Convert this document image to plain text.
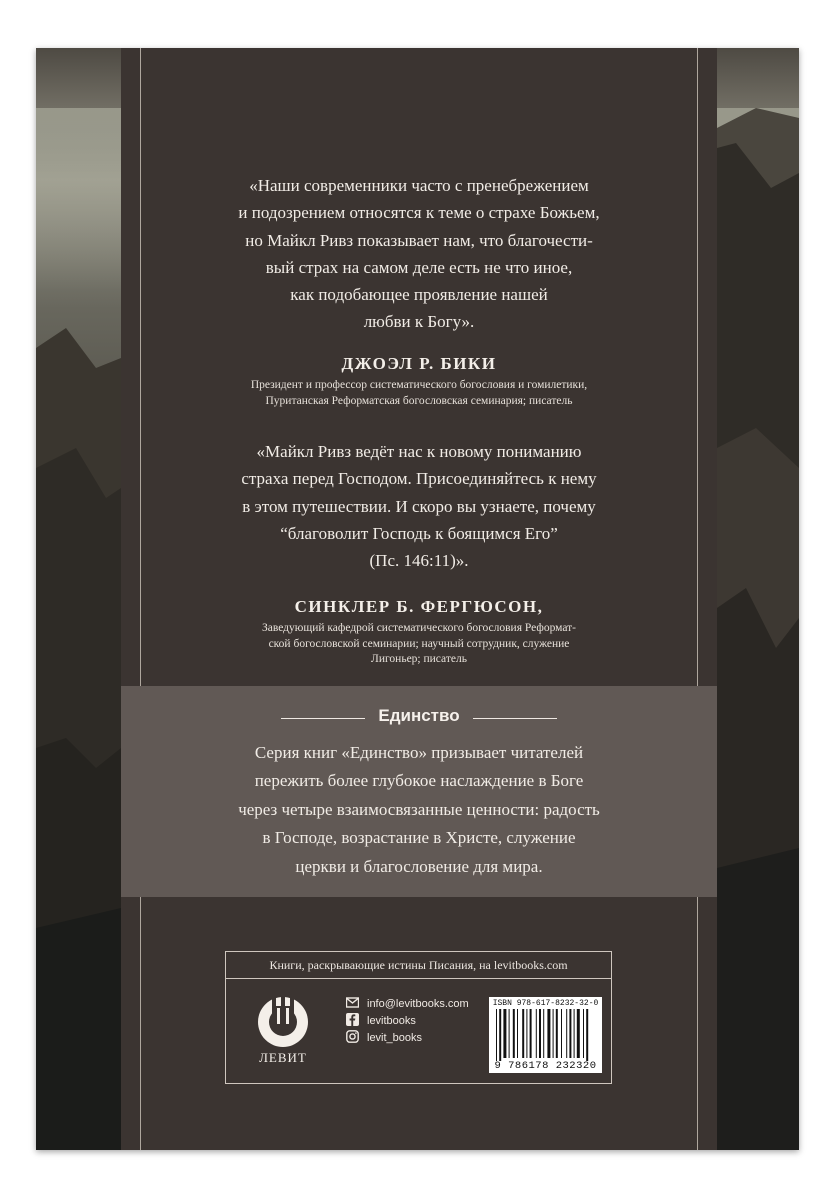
«Наши современники часто с пренебрежением
и подозрением относятся к теме о страхе Божьем,
но Майкл Ривз показывает нам, что благочести-
вый страх на самом деле есть не что иное,
как подобающее проявление нашей
любви к Богу».
ДЖОЭЛ Р. БИКИ
Президент и профессор систематического богословия и гомилетики,
Пуританская Реформатская богословская семинария; писатель
«Майкл Ривз ведёт нас к новому пониманию
страха перед Господом. Присоединяйтесь к нему
в этом путешествии. И скоро вы узнаете, почему
“благоволит Господь к боящимся Его”
(Пс. 146:11)».
СИНКЛЕР Б. ФЕРГЮСОН,
Заведующий кафедрой систематического богословия Реформат-
ской богословской семинарии; научный сотрудник, служение
Лигоньер; писатель
Единство
Серия книг «Единство» призывает читателей
пережить более глубокое наслаждение в Боге
через четыре взаимосвязанные ценности: радость
в Господе, возрастание в Христе, служение
церкви и благословение для мира.
Книги, раскрывающие истины Писания, на levitbooks.com
ЛЕВИТ
info@levitbooks.com
levitbooks
levit_books
ISBN 978-617-8232-32-0
9 786178 232320
